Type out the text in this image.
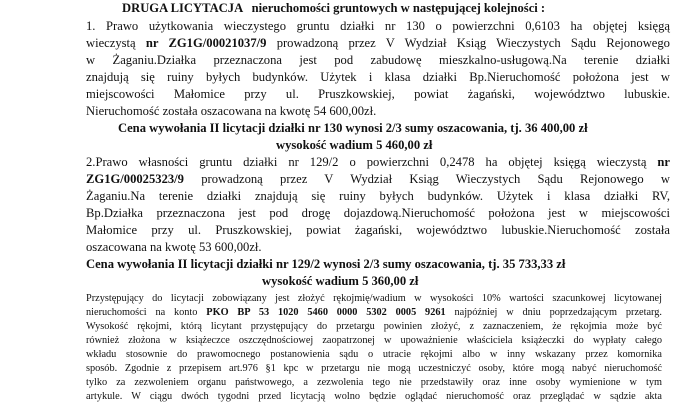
DRUGA LICYTACJA nieruchomości gruntowych w następującej kolejności :
1. Prawo użytkowania wieczystego gruntu działki nr 130 o powierzchni 0,6103 ha objętej księgą
wieczystą nr ZG1G/00021037/9 prowadzoną przez V Wydział Ksiąg Wieczystych Sądu Rejonowego
w Żaganiu.Działka przeznaczona jest pod zabudowę mieszkalno-usługową.Na terenie działki
znajdują się ruiny byłych budynków. Użytek i klasa działki Bp.Nieruchomość położona jest w
miejscowości Małomice przy ul. Pruszkowskiej, powiat żagański, województwo lubuskie.
Nieruchomość została oszacowana na kwotę 54 600,00zł.
Cena wywołania II licytacji działki nr 130 wynosi 2/3 sumy oszacowania, tj. 36 400,00 zł
wysokość wadium 5 460,00 zł
2.Prawo własności gruntu działki nr 129/2 o powierzchni 0,2478 ha objętej księgą wieczystą nr
ZG1G/00025323/9 prowadzoną przez V Wydział Ksiąg Wieczystych Sądu Rejonowego w
Żaganiu.Na terenie działki znajdują się ruiny byłych budynków. Użytek i klasa działki RV,
Bp.Działka przeznaczona jest pod drogę dojazdową.Nieruchomość położona jest w miejscowości
Małomice przy ul. Pruszkowskiej, powiat żagański, województwo lubuskie.Nieruchomość została
oszacowana na kwotę 53 600,00zł.
Cena wywołania II licytacji działki nr 129/2 wynosi 2/3 sumy oszacowania, tj. 35 733,33 zł
wysokość wadium 5 360,00 zł
Przystępujący do licytacji zobowiązany jest złożyć rękojmię/wadium w wysokości 10% wartości szacunkowej licytowanej
nieruchomości na konto PKO BP 53 1020 5460 0000 5302 0005 9261 najpóźniej w dniu poprzedzającym przetarg.
Wysokość rękojmi, którą licytant przystępujący do przetargu powinien złożyć, z zaznaczeniem, że rękojmia może być
również złożona w książeczce oszczędnościowej zaopatrzonej w upoważnienie właściciela książeczki do wypłaty całego
wkładu stosownie do prawomocnego postanowienia sądu o utracie rękojmi albo w inny wskazany przez komornika
sposób. Zgodnie z przepisem art.976 §1 kpc w przetargu nie mogą uczestniczyć osoby, które mogą nabyć nieruchomość
tylko za zezwoleniem organu państwowego, a zezwolenia tego nie przedstawiły oraz inne osoby wymienione w tym
artykule. W ciągu dwóch tygodni przed licytacją wolno będzie oglądać nieruchomość oraz przeglądać w sądzie akta
